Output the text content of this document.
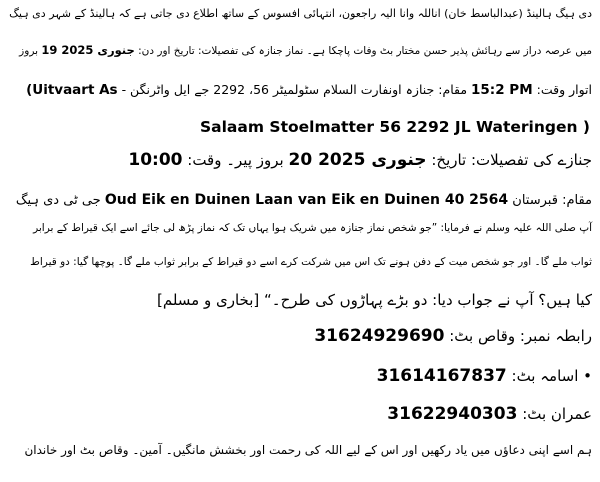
دی ہیگ ہالینڈ (عبدالباسط خان) اناللہ وانا الیہ راجعون، انتہائی افسوس کے ساتھ اطلاع دی جاتی ہے کہ ہالینڈ کے شہر دی ہیگ
میں عرصہ دراز سے رہائش پذیر حسن مختار بٹ وفات پاچکا ہے۔ نماز جنازہ کی تفصیلات: تاریخ اور دن: 19 جنوری 2025 بروز
اتوار وقت: 15:2 PM مقام: جنازہ اونفارت السلام سٹولمیٹر 56، 2292 جے ایل واٹرنگن - (Uitvaart As
Salaam Stoelmatter 56 2292 JL Wateringen )
جنازے کی تفصیلات: تاریخ: 20 جنوری 2025 بروز پیر۔ وقت: 10:00
مقام: قبرستان Oud Eik en Duinen Laan van Eik en Duinen 40 2564 جی ٹی دی ہیگ
آپ صلی اللہ علیہ وسلم نے فرمایا: ”جو شخص نماز جنازہ میں شریک ہوا یہاں تک کہ نماز پڑھ لی جائے اسے ایک قیراط کے برابر
ثواب ملے گا۔ اور جو شخص میت کے دفن ہونے تک اس میں شرکت کرے اسے دو قیراط کے برابر ثواب ملے گا۔ پوچھا گیا: دو قیراط
کیا ہیں؟ آپ نے جواب دیا: دو بڑے پہاڑوں کی طرح۔“ [بخاری و مسلم]
رابطہ نمبر: وقاص بٹ: 31624929690
• اسامہ بٹ: 31614167837
عمران بٹ: 31622940303
ہم اسے اپنی دعاؤں میں یاد رکھیں اور اس کے لیے اللہ کی رحمت اور بخشش مانگیں۔ آمین۔ وقاص بٹ اور خاندان
